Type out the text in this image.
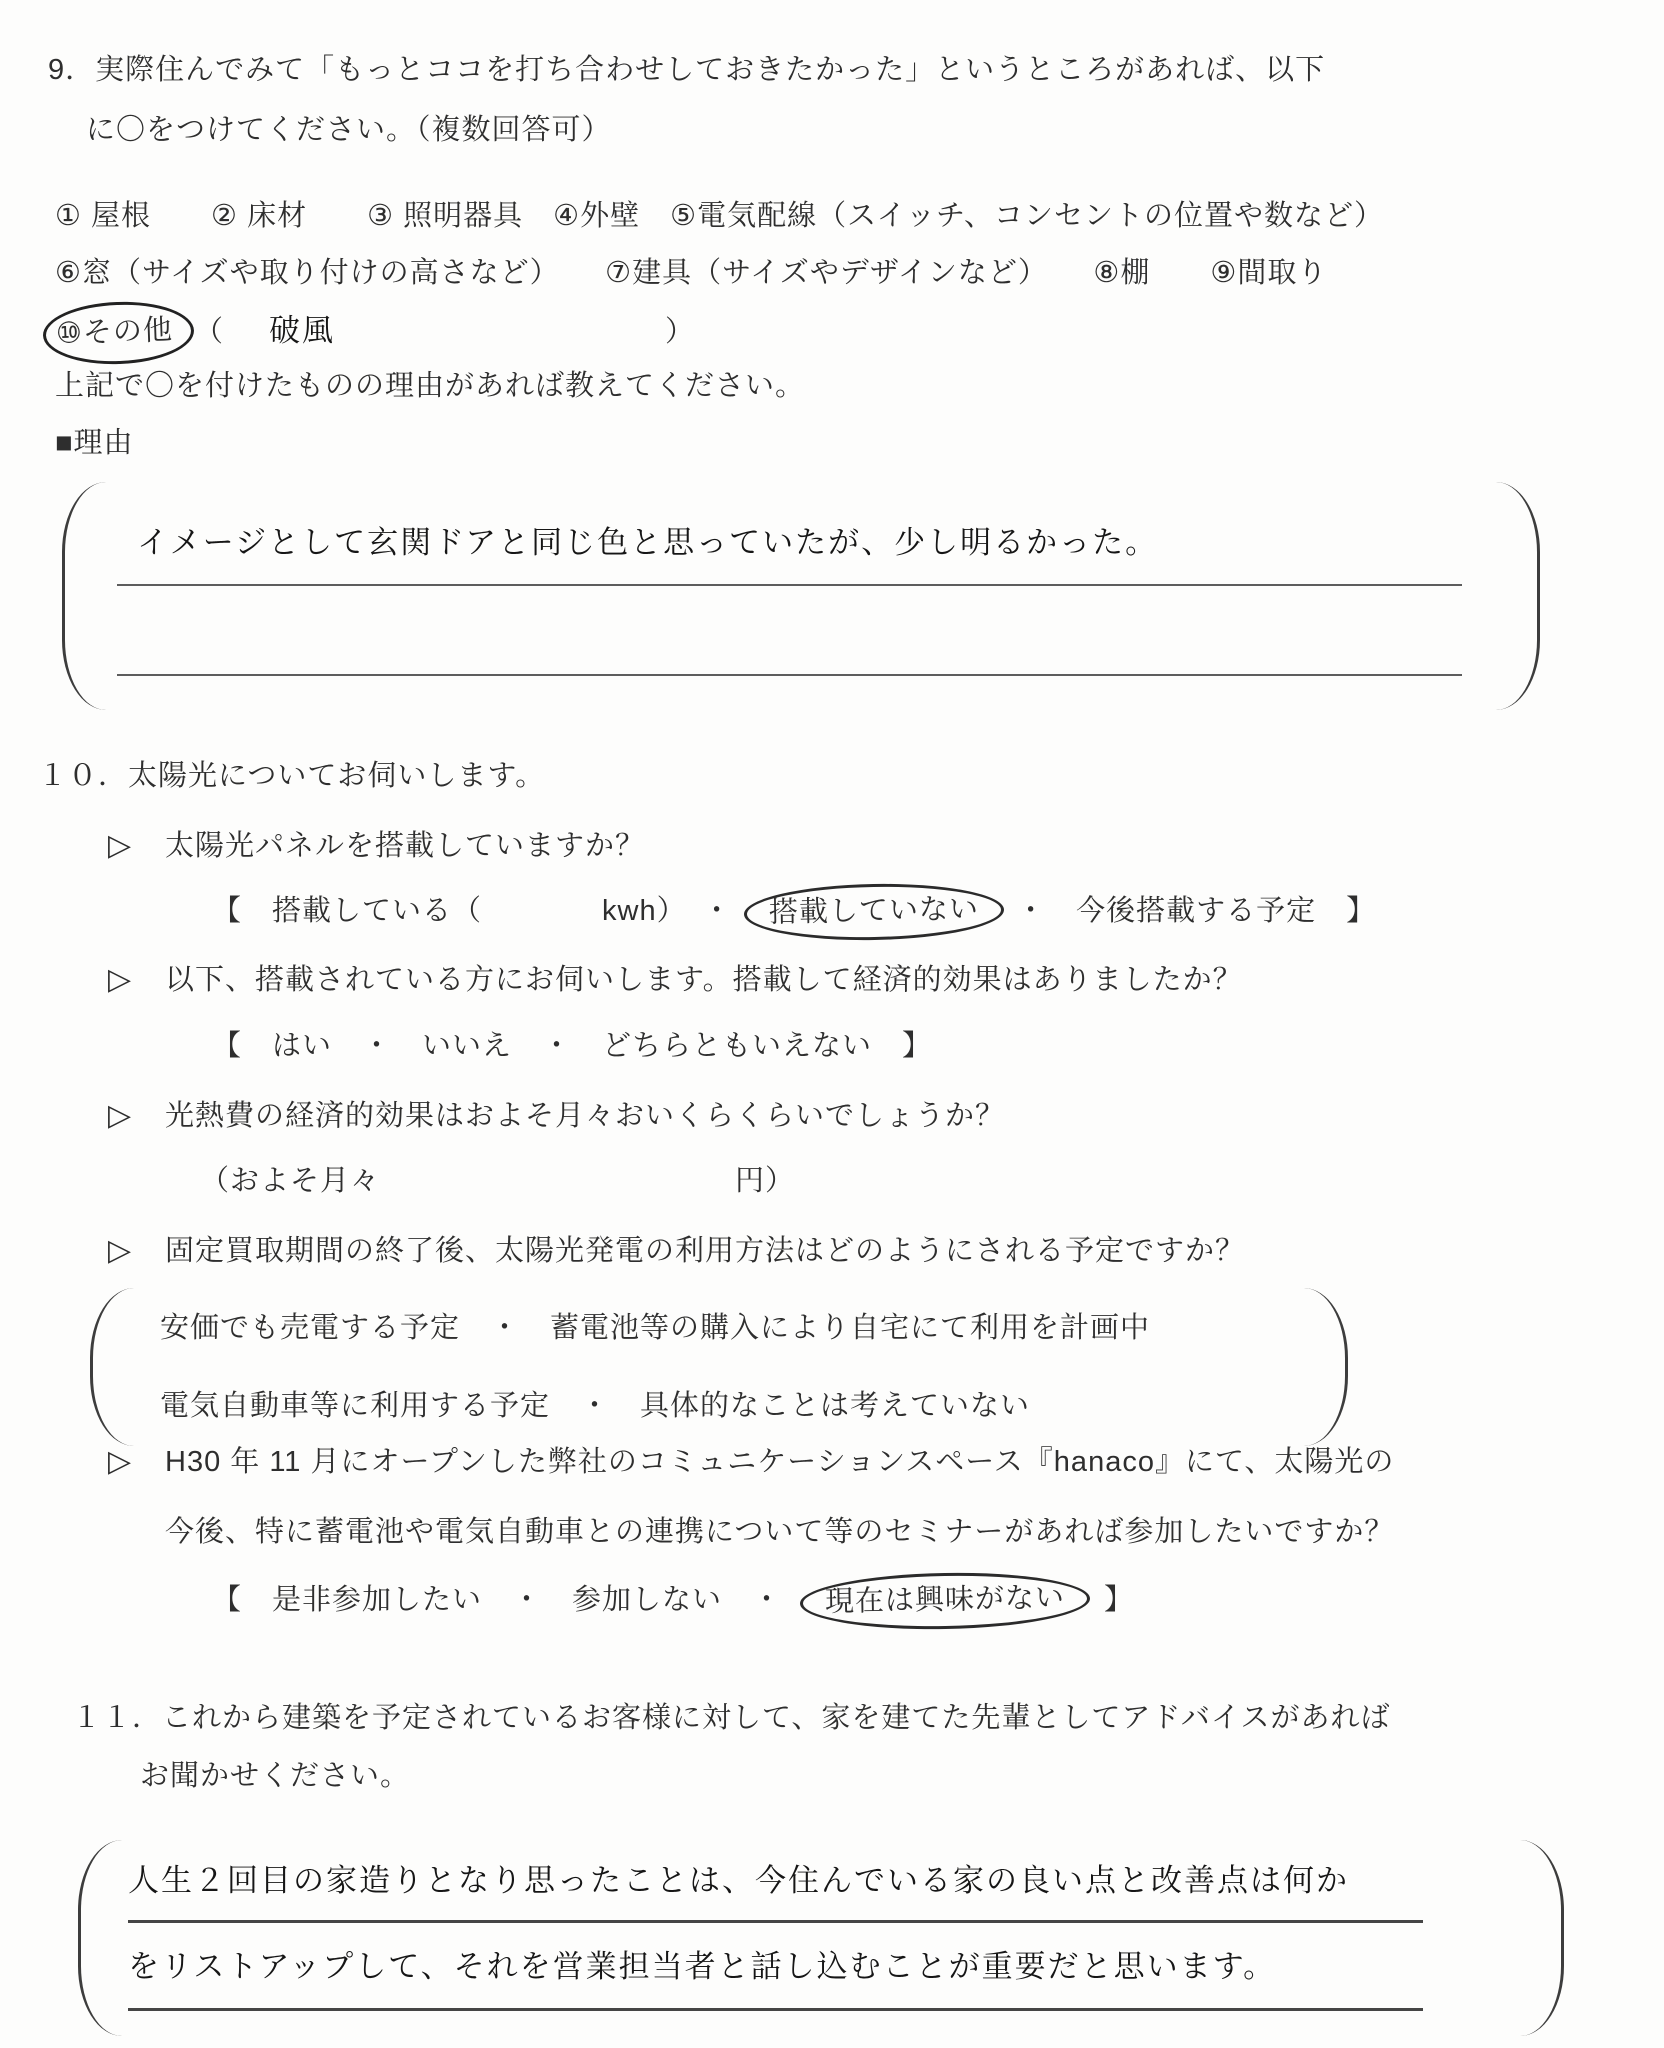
9．実際住んでみて「もっとココを打ち合わせしておきたかった」というところがあれば、以下
に〇をつけてください。（複数回答可）
① 屋根　　② 床材　　③ 照明器具　④外壁　⑤電気配線（スイッチ、コンセントの位置や数など）
⑥窓（サイズや取り付けの高さなど）　　⑦建具（サイズやデザインなど）　　⑧棚　　⑨間取り
⑩その他 （ 破風	）
上記で〇を付けたものの理由があれば教えてください。
■理由
イメージとして玄関ドアと同じ色と思っていたが、少し明るかった。
１０．太陽光についてお伺いします。
▷ 太陽光パネルを搭載していますか？
【　搭載している（	kwh）　・ 搭載していない ・　今後搭載する予定　】
▷ 以下、搭載されている方にお伺いします。搭載して経済的効果はありましたか？
【　はい　・　いいえ　・　どちらともいえない　】
▷ 光熱費の経済的効果はおよそ月々おいくらくらいでしょうか？
（およそ月々	円）
▷ 固定買取期間の終了後、太陽光発電の利用方法はどのようにされる予定ですか？
安価でも売電する予定　・　蓄電池等の購入により自宅にて利用を計画中
電気自動車等に利用する予定　・　具体的なことは考えていない
▷ H30 年 11 月にオープンした弊社のコミュニケーションスペース『hanaco』にて、太陽光の
今後、特に蓄電池や電気自動車との連携について等のセミナーがあれば参加したいですか？
【　是非参加したい　・　参加しない　・ 現在は興味がない 】
１１．これから建築を予定されているお客様に対して、家を建てた先輩としてアドバイスがあれば
お聞かせください。
人生２回目の家造りとなり思ったことは、今住んでいる家の良い点と改善点は何か
をリストアップして、それを営業担当者と話し込むことが重要だと思います。
